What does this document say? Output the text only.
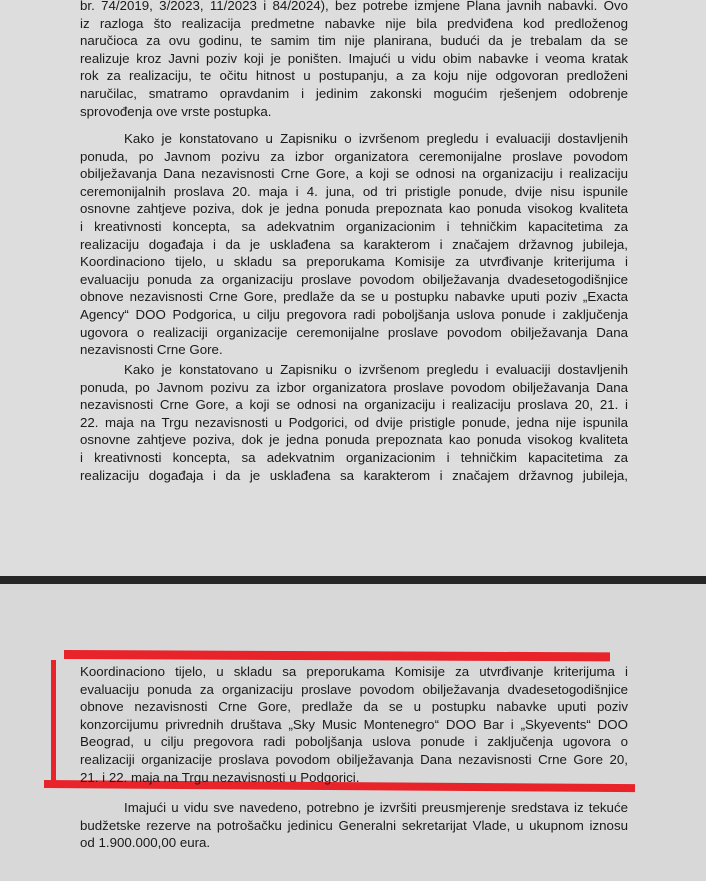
br. 74/2019, 3/2023, 11/2023 i 84/2024), bez potrebe izmjene Plana javnih nabavki. Ovo
iz razloga što realizacija predmetne nabavke nije bila predviđena kod predloženog
naručioca za ovu godinu, te samim tim nije planirana, budući da je trebalam da se
realizuje kroz Javni poziv koji je poništen. Imajući u vidu obim nabavke i veoma kratak
rok za realizaciju, te očitu hitnost u postupanju, a za koju nije odgovoran predloženi
naručilac, smatramo opravdanim i jedinim zakonski mogućim rješenjem odobrenje
sprovođenja ove vrste postupka.
Kako je konstatovano u Zapisniku o izvršenom pregledu i evaluaciji dostavljenih
ponuda, po Javnom pozivu za izbor organizatora ceremonijalne proslave povodom
obilježavanja Dana nezavisnosti Crne Gore, a koji se odnosi na organizaciju i realizaciju
ceremonijalnih proslava 20. maja i 4. juna, od tri pristigle ponude, dvije nisu ispunile
osnovne zahtjeve poziva, dok je jedna ponuda prepoznata kao ponuda visokog kvaliteta
i kreativnosti koncepta, sa adekvatnim organizacionim i tehničkim kapacitetima za
realizaciju događaja i da je usklađena sa karakterom i značajem državnog jubileja,
Koordinaciono tijelo, u skladu sa preporukama Komisije za utvrđivanje kriterijuma i
evaluaciju ponuda za organizaciju proslave povodom obilježavanja dvadesetogodišnjice
obnove nezavisnosti Crne Gore, predlaže da se u postupku nabavke uputi poziv „Exacta
Agency“ DOO Podgorica, u cilju pregovora radi poboljšanja uslova ponude i zaključenja
ugovora o realizaciji organizacije ceremonijalne proslave povodom obilježavanja Dana
nezavisnosti Crne Gore.
Kako je konstatovano u Zapisniku o izvršenom pregledu i evaluaciji dostavljenih
ponuda, po Javnom pozivu za izbor organizatora proslave povodom obilježavanja Dana
nezavisnosti Crne Gore, a koji se odnosi na organizaciju i realizaciju proslava 20, 21. i
22. maja na Trgu nezavisnosti u Podgorici, od dvije pristigle ponude, jedna nije ispunila
osnovne zahtjeve poziva, dok je jedna ponuda prepoznata kao ponuda visokog kvaliteta
i kreativnosti koncepta, sa adekvatnim organizacionim i tehničkim kapacitetima za
realizaciju događaja i da je usklađena sa karakterom i značajem državnog jubileja,
Koordinaciono tijelo, u skladu sa preporukama Komisije za utvrđivanje kriterijuma i
evaluaciju ponuda za organizaciju proslave povodom obilježavanja dvadesetogodišnjice
obnove nezavisnosti Crne Gore, predlaže da se u postupku nabavke uputi poziv
konzorcijumu privrednih društava „Sky Music Montenegro“ DOO Bar i „Skyevents“ DOO
Beograd, u cilju pregovora radi poboljšanja uslova ponude i zaključenja ugovora o
realizaciji organizacije proslava povodom obilježavanja Dana nezavisnosti Crne Gore 20,
21. i 22. maja na Trgu nezavisnosti u Podgorici.
Imajući u vidu sve navedeno, potrebno je izvršiti preusmjerenje sredstava iz tekuće
budžetske rezerve na potrošačku jedinicu Generalni sekretarijat Vlade, u ukupnom iznosu
od 1.900.000,00 eura.
